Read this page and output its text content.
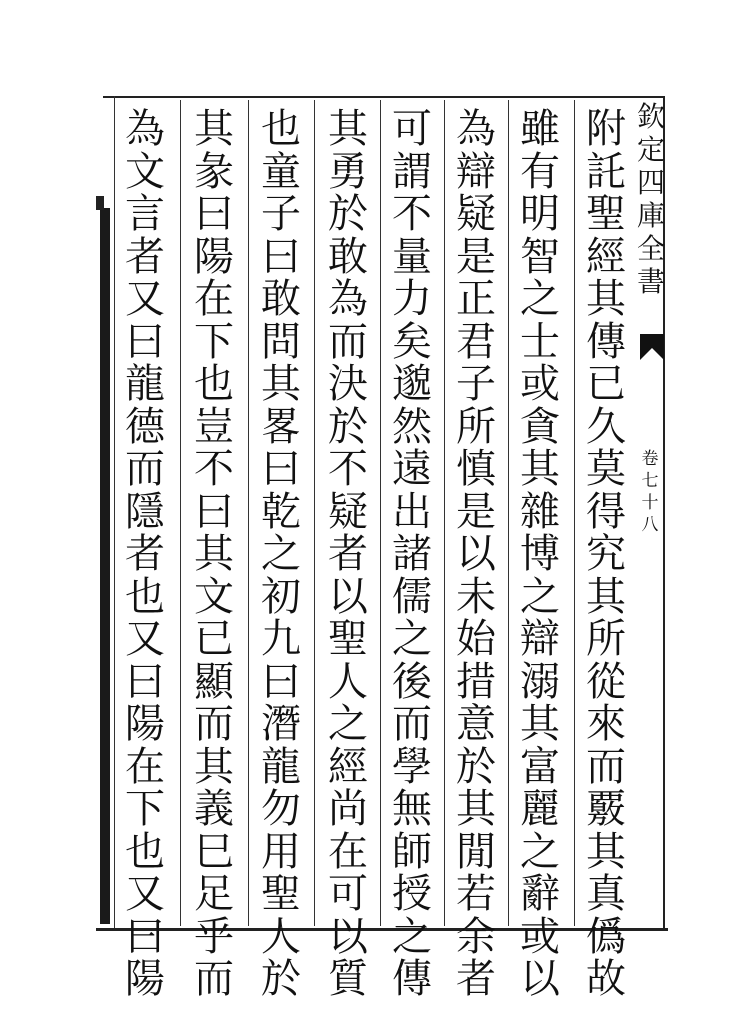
欽
定
四
庫
全
書
卷
七
十
八
附
託
聖
經
其
傳
已
久
莫
得
究
其
所
從
來
而
覈
其
真
僞
故
雖
有
明
智
之
士
或
貪
其
雜
博
之
辯
溺
其
富
麗
之
辭
或
以
為
辯
疑
是
正
君
子
所
慎
是
以
未
始
措
意
於
其
閒
若
余
者
可
謂
不
量
力
矣
邈
然
遠
出
諸
儒
之
後
而
學
無
師
授
之
傳
其
勇
於
敢
為
而
決
於
不
疑
者
以
聖
人
之
經
尚
在
可
以
質
也
童
子
曰
敢
問
其
畧
曰
乾
之
初
九
曰
潛
龍
勿
用
聖
人
於
其
彖
曰
陽
在
下
也
豈
不
曰
其
文
已
顯
而
其
義
巳
足
乎
而
為
文
言
者
又
曰
龍
德
而
隱
者
也
又
曰
陽
在
下
也
又
曰
陽
